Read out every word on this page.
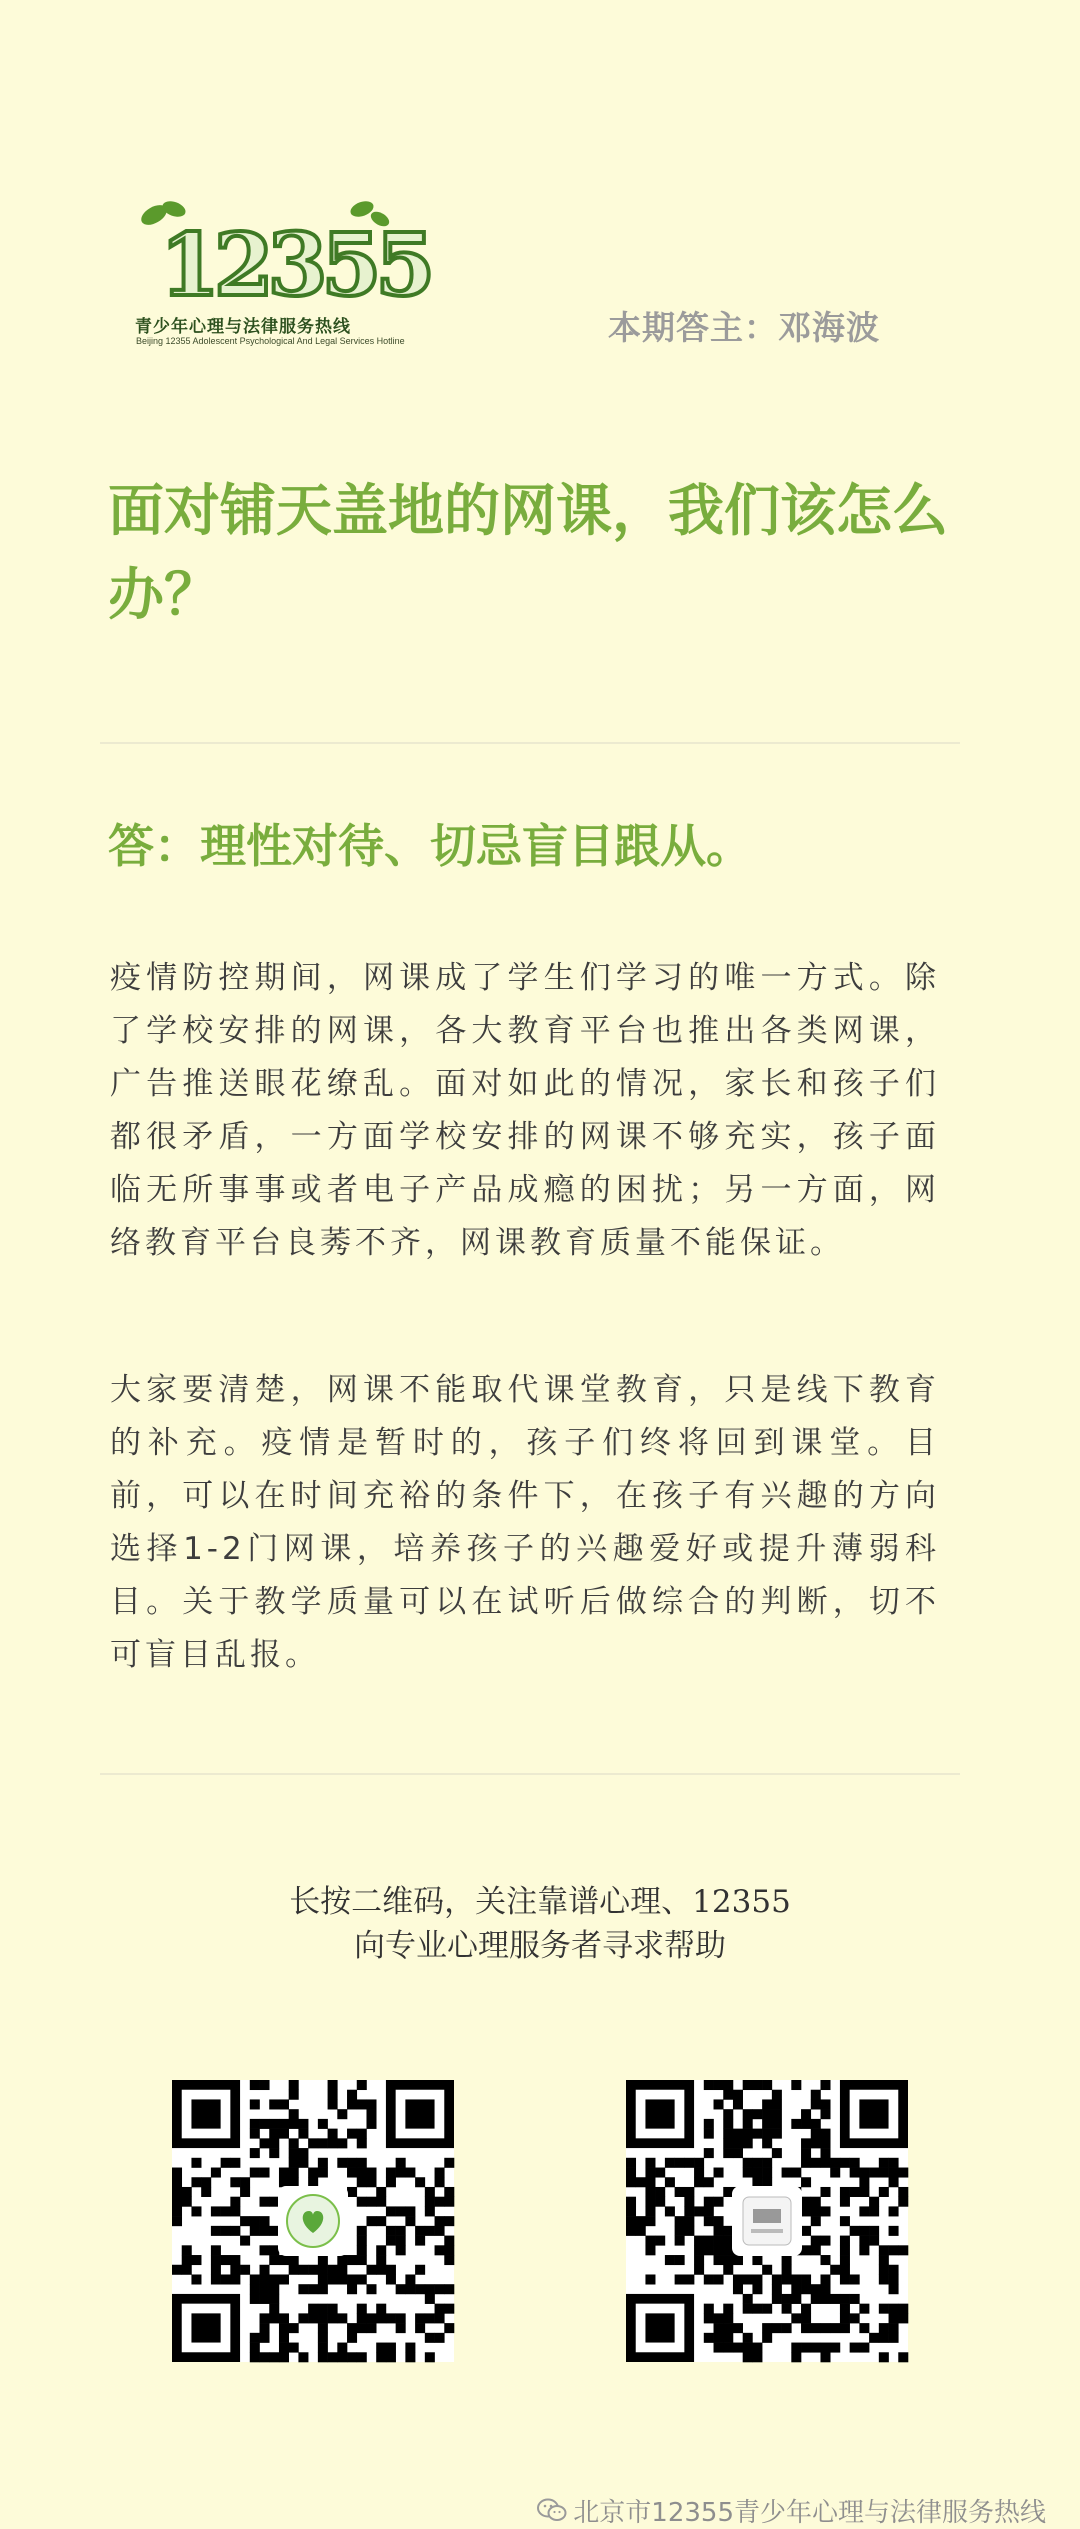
12355
青少年心理与法律服务热线
Beijing 12355 Adolescent Psychological And Legal Services Hotline	本期答主：邓海波
面对铺天盖地的网课，我们该怎么办？
答：理性对待、切忌盲目跟从。

疫情防控期间，网课成了学生们学习的唯一方式。除了学校安排的网课，各大教育平台也推出各类网课，广告推送眼花缭乱。面对如此的情况，家长和孩子们都很矛盾，一方面学校安排的网课不够充实，孩子面临无所事事或者电子产品成瘾的困扰；另一方面，网络教育平台良莠不齐，网课教育质量不能保证。

大家要清楚，网课不能取代课堂教育，只是线下教育的补充。疫情是暂时的，孩子们终将回到课堂。目前，可以在时间充裕的条件下，在孩子有兴趣的方向选择1-2门网课，培养孩子的兴趣爱好或提升薄弱科目。关于教学质量可以在试听后做综合的判断，切不可盲目乱报。

长按二维码，关注靠谱心理、12355
向专业心理服务者寻求帮助
北京市12355青少年心理与法律服务热线
